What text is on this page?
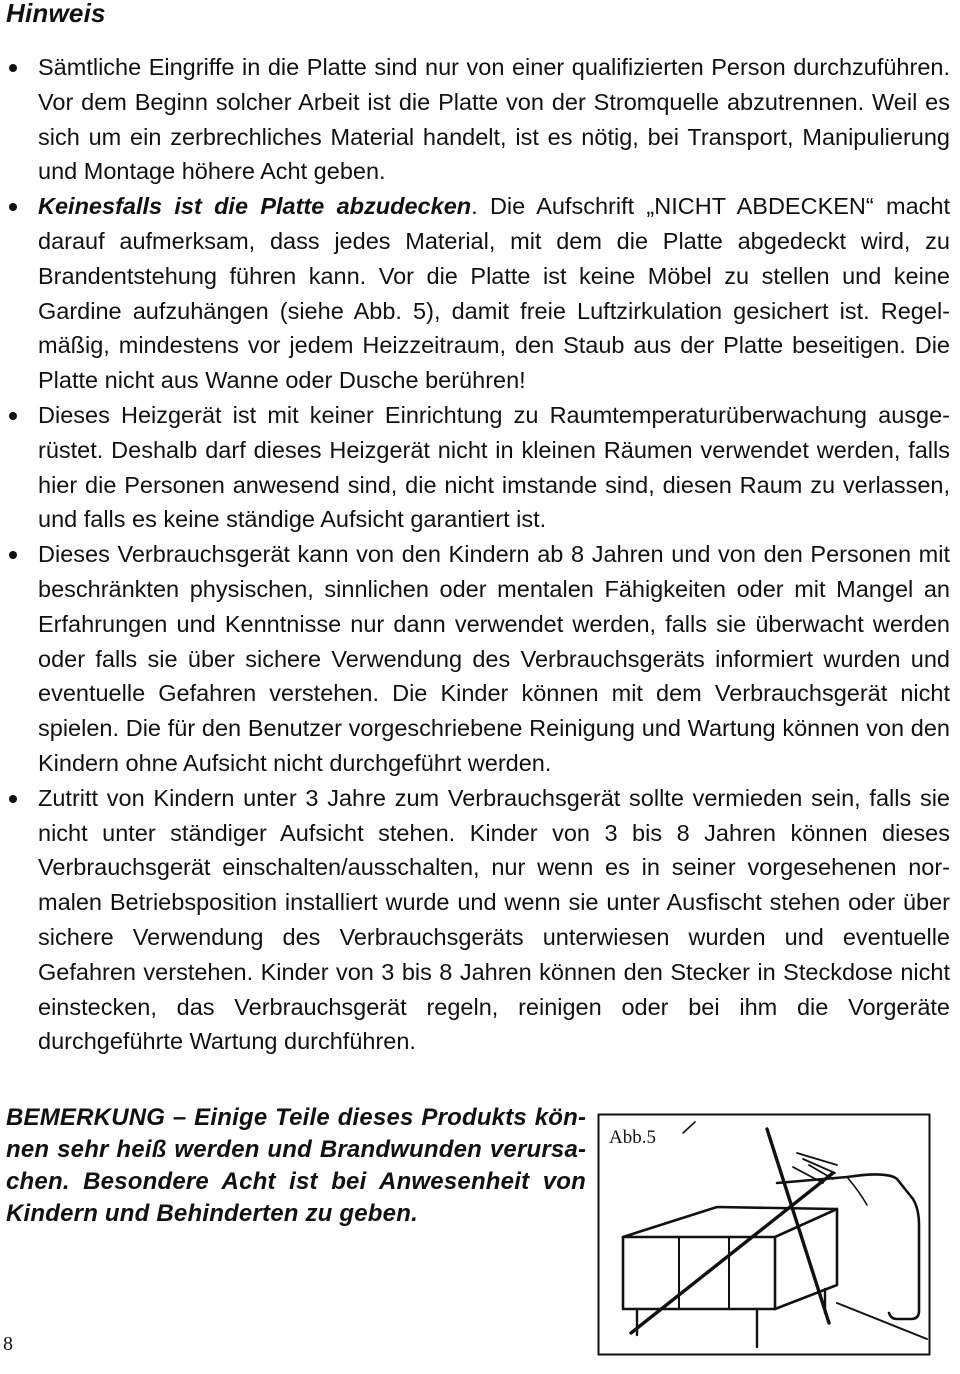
Hinweis
Sämtliche Eingriffe in die Platte sind nur von einer qualifizierten Person durchzuführen. Vor dem Beginn solcher Arbeit ist die Platte von der Stromquelle abzutrennen. Weil es sich um ein zerbrechliches Material handelt, ist es nötig, bei Transport, Manipulierung und Montage höhere Acht geben.
Keinesfalls ist die Platte abzudecken. Die Aufschrift „NICHT ABDECKEN“ macht darauf aufmerksam, dass jedes Material, mit dem die Platte abgedeckt wird, zu Brandentstehung führen kann. Vor die Platte ist keine Möbel zu stellen und keine Gardine aufzuhängen (siehe Abb. 5), damit freie Luftzirkulation gesichert ist. Regelmäßig, mindestens vor jedem Heizzeitraum, den Staub aus der Platte beseitigen. Die Platte nicht aus Wanne oder Dusche berühren!
Dieses Heizgerät ist mit keiner Einrichtung zu Raumtemperaturüberwachung ausgerüstet. Deshalb darf dieses Heizgerät nicht in kleinen Räumen verwendet werden, falls hier die Personen anwesend sind, die nicht imstande sind, diesen Raum zu verlassen, und falls es keine ständige Aufsicht garantiert ist.
Dieses Verbrauchsgerät kann von den Kindern ab 8 Jahren und von den Personen mit beschränkten physischen, sinnlichen oder mentalen Fähigkeiten oder mit Mangel an Erfahrungen und Kenntnisse nur dann verwendet werden, falls sie überwacht werden oder falls sie über sichere Verwendung des Verbrauchsgeräts informiert wurden und eventuelle Gefahren verstehen. Die Kinder können mit dem Verbrauchsgerät nicht spielen. Die für den Benutzer vorgeschriebene Reinigung und Wartung können von den Kindern ohne Aufsicht nicht durchgeführt werden.
Zutritt von Kindern unter 3 Jahre zum Verbrauchsgerät sollte vermieden sein, falls sie nicht unter ständiger Aufsicht stehen. Kinder von 3 bis 8 Jahren können dieses Verbrauchsgerät einschalten/ausschalten, nur wenn es in seiner vorgesehenen normalen Betriebsposition installiert wurde und wenn sie unter Ausfischt stehen oder über sichere Verwendung des Verbrauchsgeräts unterwiesen wurden und eventuelle Gefahren verstehen. Kinder von 3 bis 8 Jahren können den Stecker in Steckdose nicht einstecken, das Verbrauchsgerät regeln, reinigen oder bei ihm die Vorgeräte durchgeführte Wartung durchführen.

BEMERKUNG – Einige Teile dieses Produkts können sehr heiß werden und Brandwunden verursachen. Besondere Acht ist bei Anwesenheit von Kindern und Behinderten zu geben.

Abb.5

8
